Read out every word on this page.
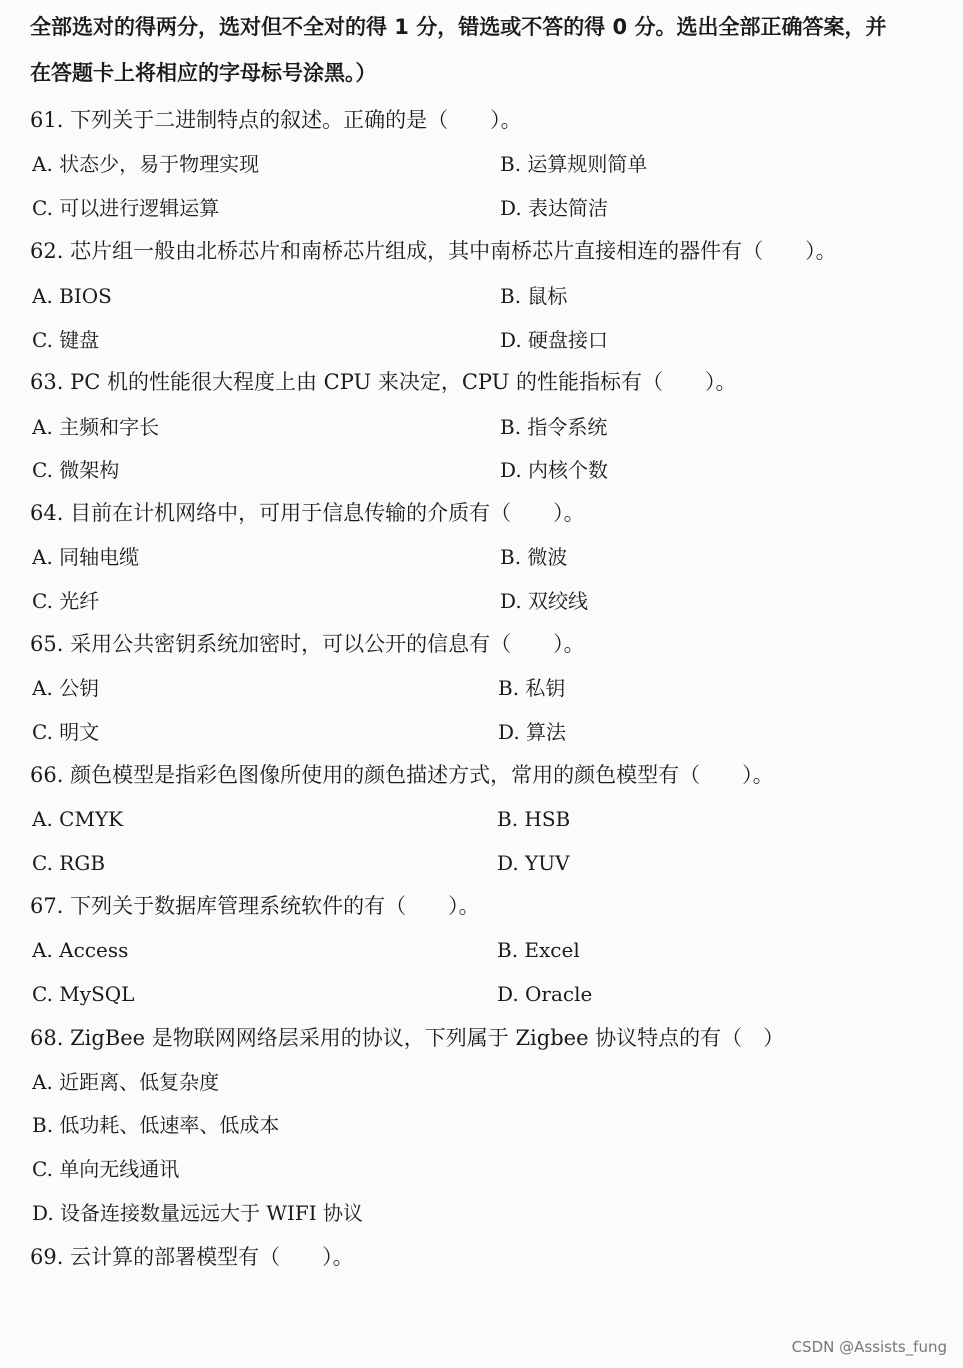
全部选对的得两分，选对但不全对的得 1 分，错选或不答的得 0 分。选出全部正确答案，并
在答题卡上将相应的字母标号涂黑。）
61. 下列关于二进制特点的叙述。正确的是（　　）。
A. 状态少，易于物理实现	B. 运算规则简单
C. 可以进行逻辑运算	D. 表达简洁
62. 芯片组一般由北桥芯片和南桥芯片组成，其中南桥芯片直接相连的器件有（　　）。
A. BIOS	B. 鼠标
C. 键盘	D. 硬盘接口
63. PC 机的性能很大程度上由 CPU 来决定，CPU 的性能指标有（　　）。
A. 主频和字长	B. 指令系统
C. 微架构	D. 内核个数
64. 目前在计机网络中，可用于信息传输的介质有（　　）。
A. 同轴电缆	B. 微波
C. 光纤	D. 双绞线
65. 采用公共密钥系统加密时，可以公开的信息有（　　）。
A. 公钥	B. 私钥
C. 明文	D. 算法
66. 颜色模型是指彩色图像所使用的颜色描述方式，常用的颜色模型有（　　）。
A. CMYK	B. HSB
C. RGB	D. YUV
67. 下列关于数据库管理系统软件的有（　　）。
A. Access	B. Excel
C. MySQL	D. Oracle
68. ZigBee 是物联网网络层采用的协议，下列属于 Zigbee 协议特点的有（　）
A. 近距离、低复杂度
B. 低功耗、低速率、低成本
C. 单向无线通讯
D. 设备连接数量远远大于 WIFI 协议
69. 云计算的部署模型有（　　）。
CSDN @Assists_fung
